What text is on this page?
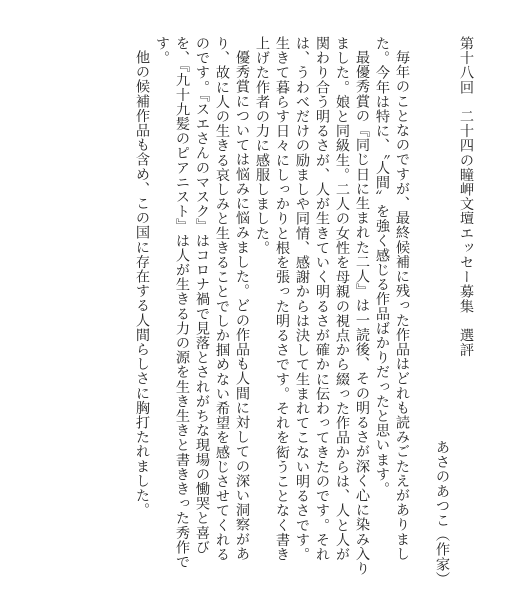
第十八回　二十四の瞳岬文壇エッセー募集　選評
あさのあつこ（作家）

毎年のことなのですが、最終候補に残った作品はどれも読みごたえがありました。今年は特に、〝人間〟を強く感じる作品ばかりだったと思います。

最優秀賞の『同じ日に生まれた二人』は一読後、その明るさが深く心に染み入りました。娘と同級生。二人の女性を母親の視点から綴った作品からは、人と人が関わり合う明るさが、人が生きていく明るさが確かに伝わってきたのです。それは、うわべだけの励ましや同情、感謝からは決して生まれてこない明るさです。生きて暮らす日々にしっかりと根を張った明るさです。それを衒うことなく書き上げた作者の力に感服しました。

優秀賞については悩みに悩みました。どの作品も人間に対しての深い洞察があり、故に人の生きる哀しみと生きることでしか掴めない希望を感じさせてくれるのです。『スエさんのマスク』はコロナ禍で見落とされがちな現場の慟哭と喜びを、『九十九髪のピアニスト』は人が生きる力の源を生き生きと書ききった秀作です。

他の候補作品も含め、この国に存在する人間らしさに胸打たれました。
